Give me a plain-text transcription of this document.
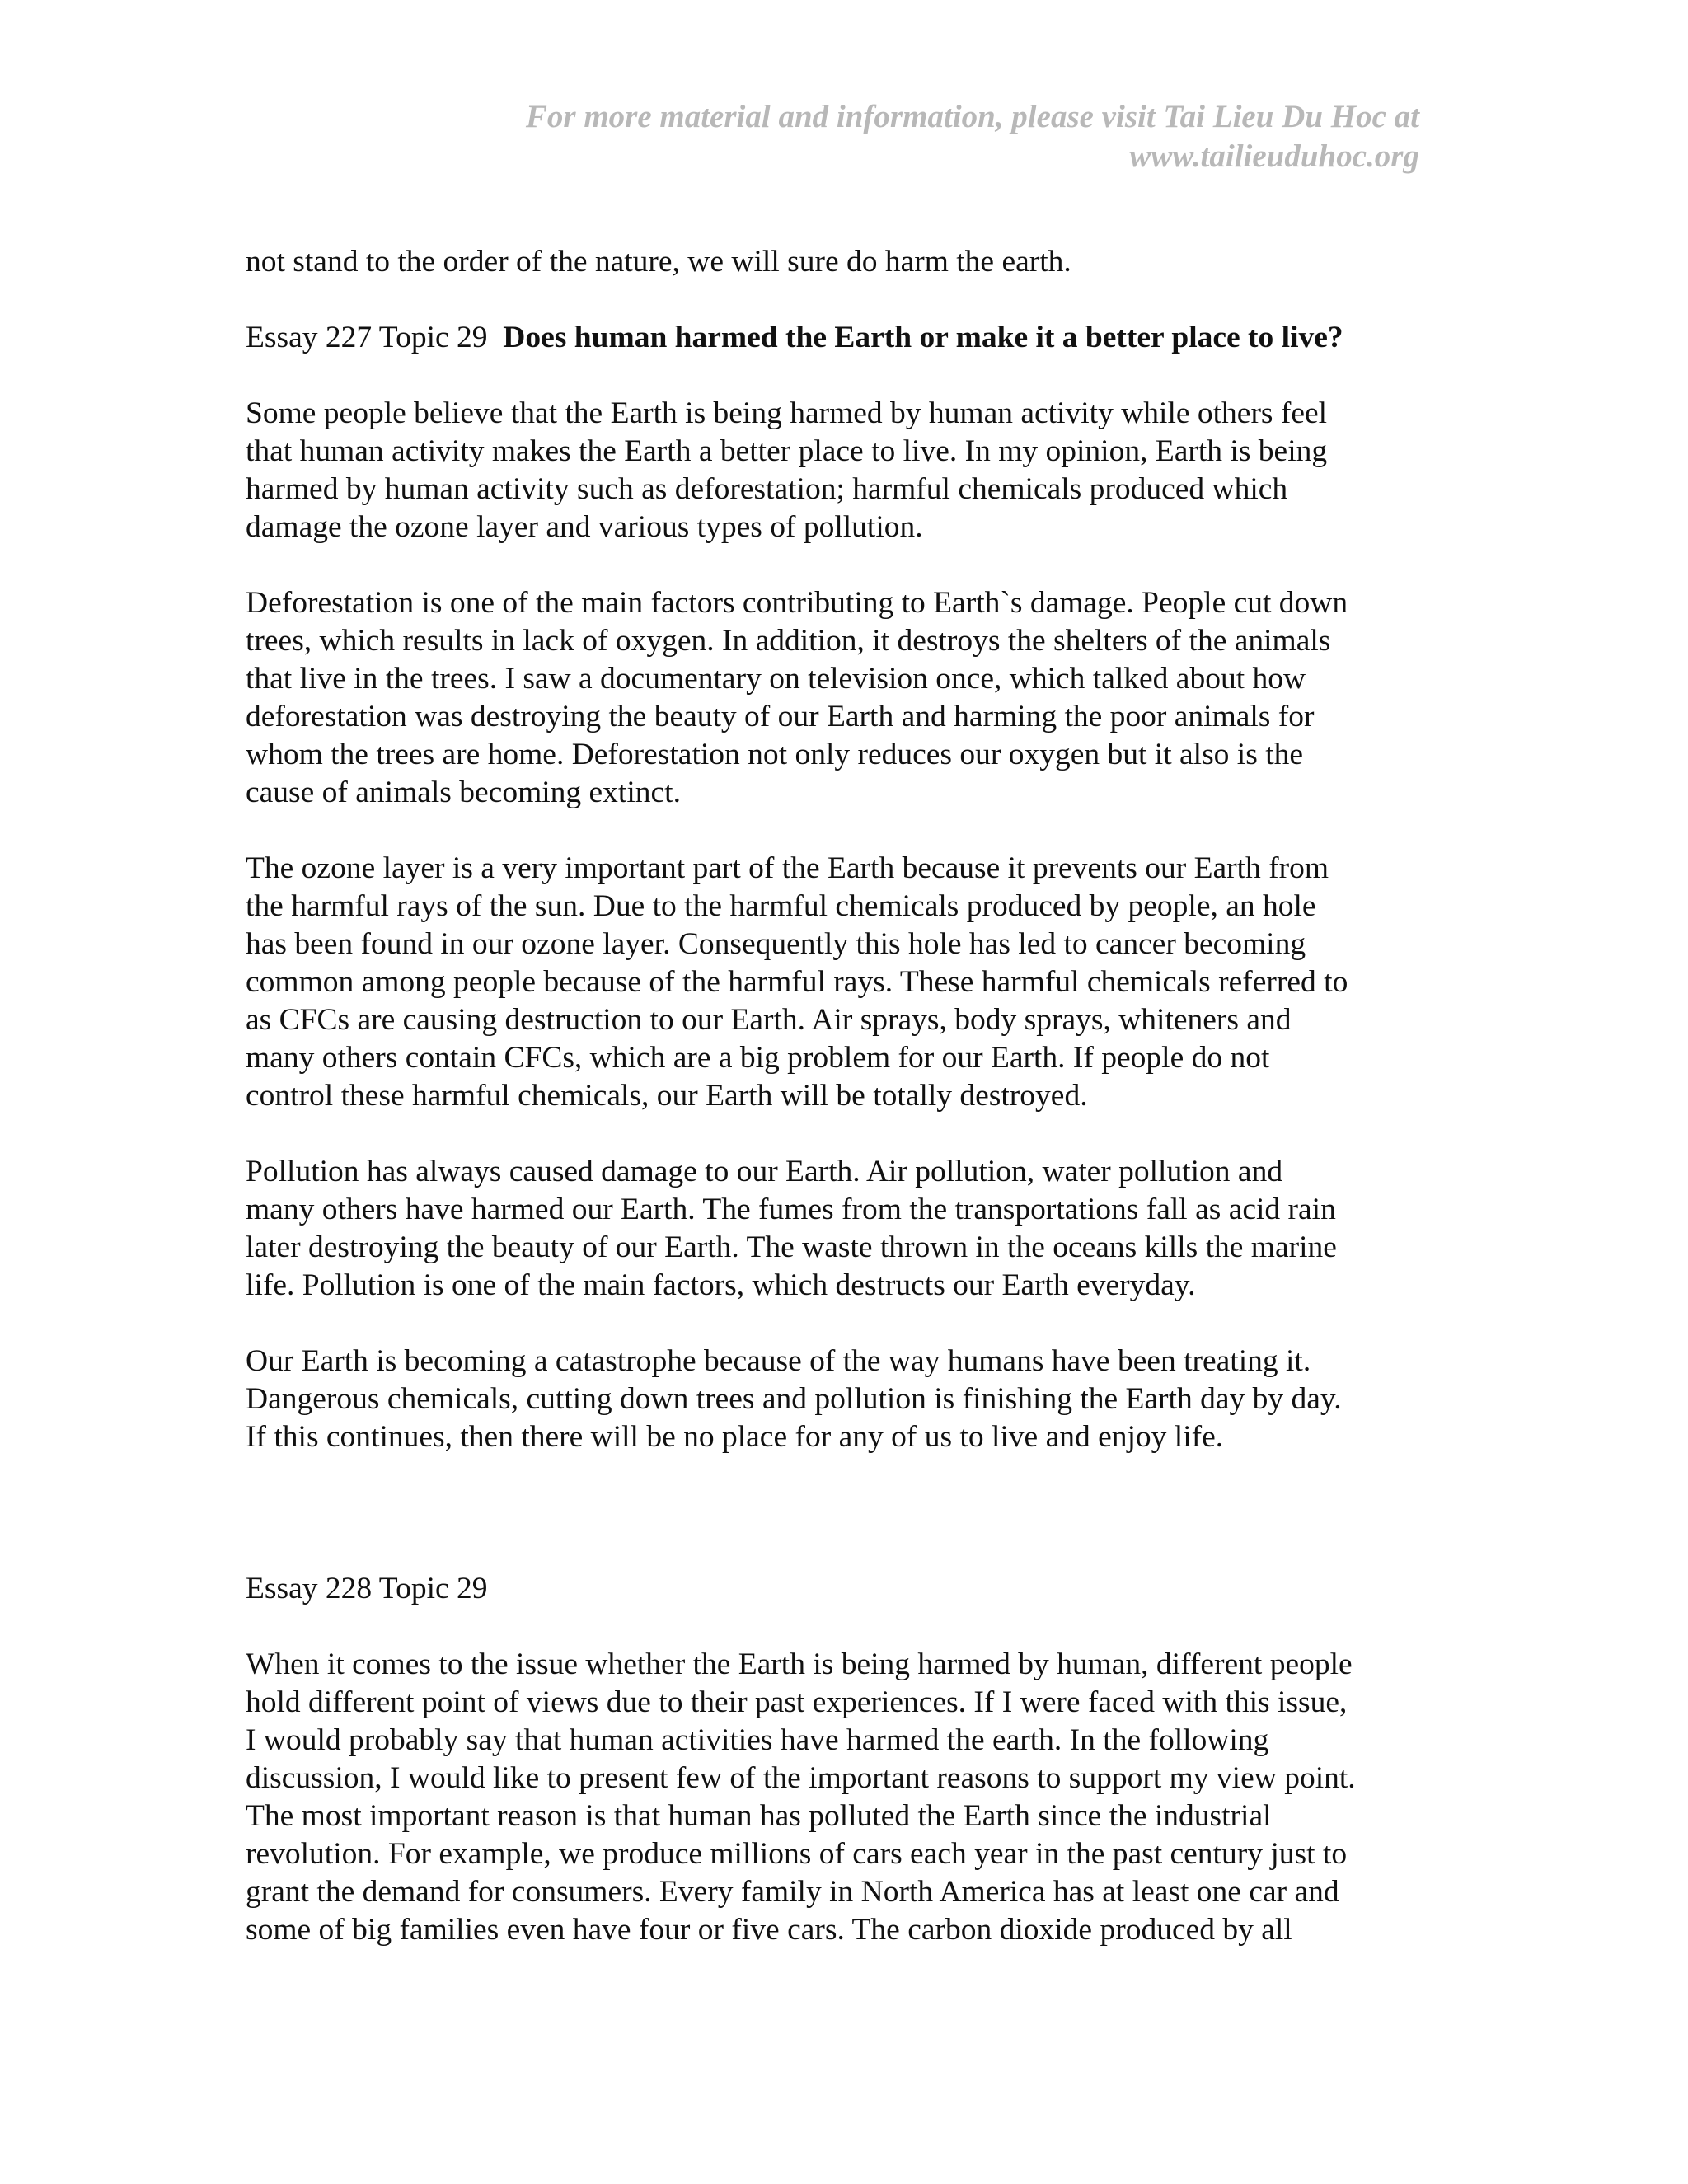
For more material and information, please visit Tai Lieu Du Hoc at
www.tailieuduhoc.org

not stand to the order of the nature, we will sure do harm the earth.

Essay 227 Topic 29 Does human harmed the Earth or make it a better place to live?

Some people believe that the Earth is being harmed by human activity while others feel
that human activity makes the Earth a better place to live. In my opinion, Earth is being
harmed by human activity such as deforestation; harmful chemicals produced which
damage the ozone layer and various types of pollution.

Deforestation is one of the main factors contributing to Earth`s damage. People cut down
trees, which results in lack of oxygen. In addition, it destroys the shelters of the animals
that live in the trees. I saw a documentary on television once, which talked about how
deforestation was destroying the beauty of our Earth and harming the poor animals for
whom the trees are home. Deforestation not only reduces our oxygen but it also is the
cause of animals becoming extinct.

The ozone layer is a very important part of the Earth because it prevents our Earth from
the harmful rays of the sun. Due to the harmful chemicals produced by people, an hole
has been found in our ozone layer. Consequently this hole has led to cancer becoming
common among people because of the harmful rays. These harmful chemicals referred to
as CFCs are causing destruction to our Earth. Air sprays, body sprays, whiteners and
many others contain CFCs, which are a big problem for our Earth. If people do not
control these harmful chemicals, our Earth will be totally destroyed.

Pollution has always caused damage to our Earth. Air pollution, water pollution and
many others have harmed our Earth. The fumes from the transportations fall as acid rain
later destroying the beauty of our Earth. The waste thrown in the oceans kills the marine
life. Pollution is one of the main factors, which destructs our Earth everyday.

Our Earth is becoming a catastrophe because of the way humans have been treating it.
Dangerous chemicals, cutting down trees and pollution is finishing the Earth day by day.
If this continues, then there will be no place for any of us to live and enjoy life.

Essay 228 Topic 29

When it comes to the issue whether the Earth is being harmed by human, different people
hold different point of views due to their past experiences. If I were faced with this issue,
I would probably say that human activities have harmed the earth. In the following
discussion, I would like to present few of the important reasons to support my view point.
The most important reason is that human has polluted the Earth since the industrial
revolution. For example, we produce millions of cars each year in the past century just to
grant the demand for consumers. Every family in North America has at least one car and
some of big families even have four or five cars. The carbon dioxide produced by all
